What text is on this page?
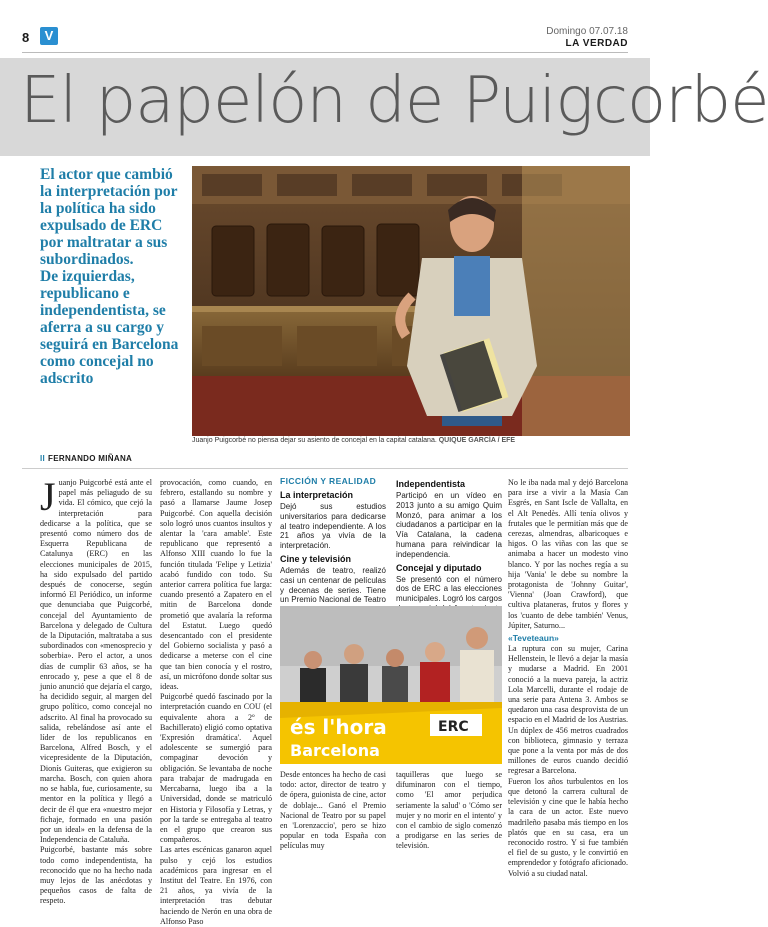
8	V	Domingo 07.07.18
LA VERDAD
El papelón de Puigcorbé
El actor que cambió la interpretación por la política ha sido expulsado de ERC por maltratar a sus subordinados.
De izquierdas, republicano e independentista, se aferra a su cargo y seguirá en Barcelona como concejal no adscrito
Juanjo Puigcorbé no piensa dejar su asiento de concejal en la capital catalana. QUIQUE GARCÍA / EFE
II FERNANDO MIÑANA
J uanjo Puigcorbé está ante el papel más peliagudo de su vida. El cómico, que cejó la interpretación para dedicarse a la política, que se presentó como número dos de Esquerra Republicana de Catalunya (ERC) en las elecciones municipales de 2015, ha sido expulsado del partido después de conocerse, según informó El Periódico, un informe que denunciaba que Puigcorbé, concejal del Ayuntamiento de Barcelona y delegado de Cultura de la Diputación, maltrataba a sus subordinados con «menosprecio y soberbia». Pero el actor, a unos días de cumplir 63 años, se ha enrocado y, pese a que el 8 de junio anunció que dejaría el cargo, ha decidido seguir, al margen del grupo político, como concejal no adscrito. Al final ha provocado su salida, rebelándose así ante el líder de los republicanos en Barcelona, Alfred Bosch, y el vicepresidente de la Diputación, Dionís Guiteras, que exigieron su marcha. Bosch, con quien ahora no se habla, fue, curiosamente, su mentor en la política y llegó a decir de él que era «nuestro mejor fichaje, formado en una pasión por un ideal» en la defensa de la Independencia de Cataluña.

Puigcorbé, bastante más sobre todo como independentista, ha reconocido que no ha hecho nada muy lejos de las anécdotas y pequeños casos de falta de respeto.

provocación, como cuando, en febrero, estallando su nombre y pasó a llamarse Jaume Josep Puigcorbé. Con aquella decisión solo logró unos cuantos insultos y alentar la 'cara amable'. Este republicano que representó a Alfonso XIII cuando lo fue la función titulada 'Felipe y Letizia' acabó fundido con todo. Su anterior carrera política fue larga: cuando presentó a Zapatero en el mitin de Barcelona donde prometió que avalaría la reforma del Estatut. Luego quedó desencantado con el presidente del Gobierno socialista y pasó a dedicarse a meterse con el cine que tan bien conocía y el rostro, así, un micrófono donde soltar sus ideas.

Puigcorbé quedó fascinado por la interpretación cuando en COU (el equivalente ahora a 2º de Bachillerato) eligió como optativa 'Expresión dramática'. Aquel adolescente se sumergió para compaginar devoción y obligación. Se levantaba de noche para trabajar de madrugada en Mercabarna, luego iba a la Universidad, donde se matriculó en Historia y Filosofía y Letras, y por la tarde se entregaba al teatro en el grupo que crearon sus compañeros.

Las artes escénicas ganaron aquel pulso y cejó los estudios académicos para ingresar en el Institut del Teatre. En 1976, con 21 años, ya vivía de la interpretación tras debutar haciendo de Nerón en una obra de Alfonso Paso

FICCIÓN Y REALIDAD
La interpretación
Dejó sus estudios universitarios para dedicarse al teatro independiente. A los 21 años ya vivía de la interpretación.
Cine y televisión
Además de teatro, realizó casi un centenar de películas y decenas de series. Tiene un Premio Nacional de Teatro
Independentista
Participó en un vídeo en 2013 junto a su amigo Quim Monzó, para animar a los ciudadanos a participar en la Vía Catalana, la cadena humana para reivindicar la independencia.
Concejal y diputado
Se presentó con el número dos de ERC a las elecciones municipales. Logró los cargos
és l'hora
Barcelona
ERC

Desde entonces ha hecho de casi todo: actor, director de teatro y de ópera, guionista de cine, actor de doblaje... Ganó el Premio Nacional de Teatro por su papel en 'Lorenzaccio', pero se hizo popular en toda España con películas muy

taquilleras que luego se difuminaron con el tiempo, como 'El amor perjudica seriamente la salud' o 'Cómo ser mujer y no morir en el intento' y con el cambio de siglo comenzó a prodigarse en las series de televisión.

No le iba nada mal y dejó Barcelona para irse a vivir a la Masía Can Esgrés, en Sant Iscle de Vallalta, en el Alt Penedès. Allí tenía olivos y frutales que le permitían más que de cerezas, almendras, albaricoques e higos. O las viñas con las que se animaba a hacer un modesto vino blanco. Y por las noches regía a su hija 'Vania' le debe su nombre la protagonista de 'Johnny Guitar', 'Vienna' (Joan Crawford), que cultiva plataneras, frutos y flores y los 'cuanto de debe también' Venus, Júpiter, Saturno...

«Teveteaun»

La ruptura con su mujer, Carina Hellenstein, le llevó a dejar la masía y mudarse a Madrid. En 2001 conoció a la nueva pareja, la actriz Lola Marcelli, durante el rodaje de una serie para Antena 3. Ambos se quedaron una casa desprovista de un espacio en el Madrid de los Austrias. Un dúplex de 456 metros cuadrados con biblioteca, gimnasio y terraza que pone a la venta por más de dos millones de euros cuando decidió regresar a Barcelona.

Fueron los años turbulentos en los que detonó la carrera cultural de televisión y cine que le había hecho la cara de un actor. Este nuevo madrileño pasaba más tiempo en los platós que en su casa, era un reconocido rostro. Y si fue también el fiel de su gusto, y le convirtió en emprendedor y fotógrafo aficionado. Volvió a su ciudad natal.
